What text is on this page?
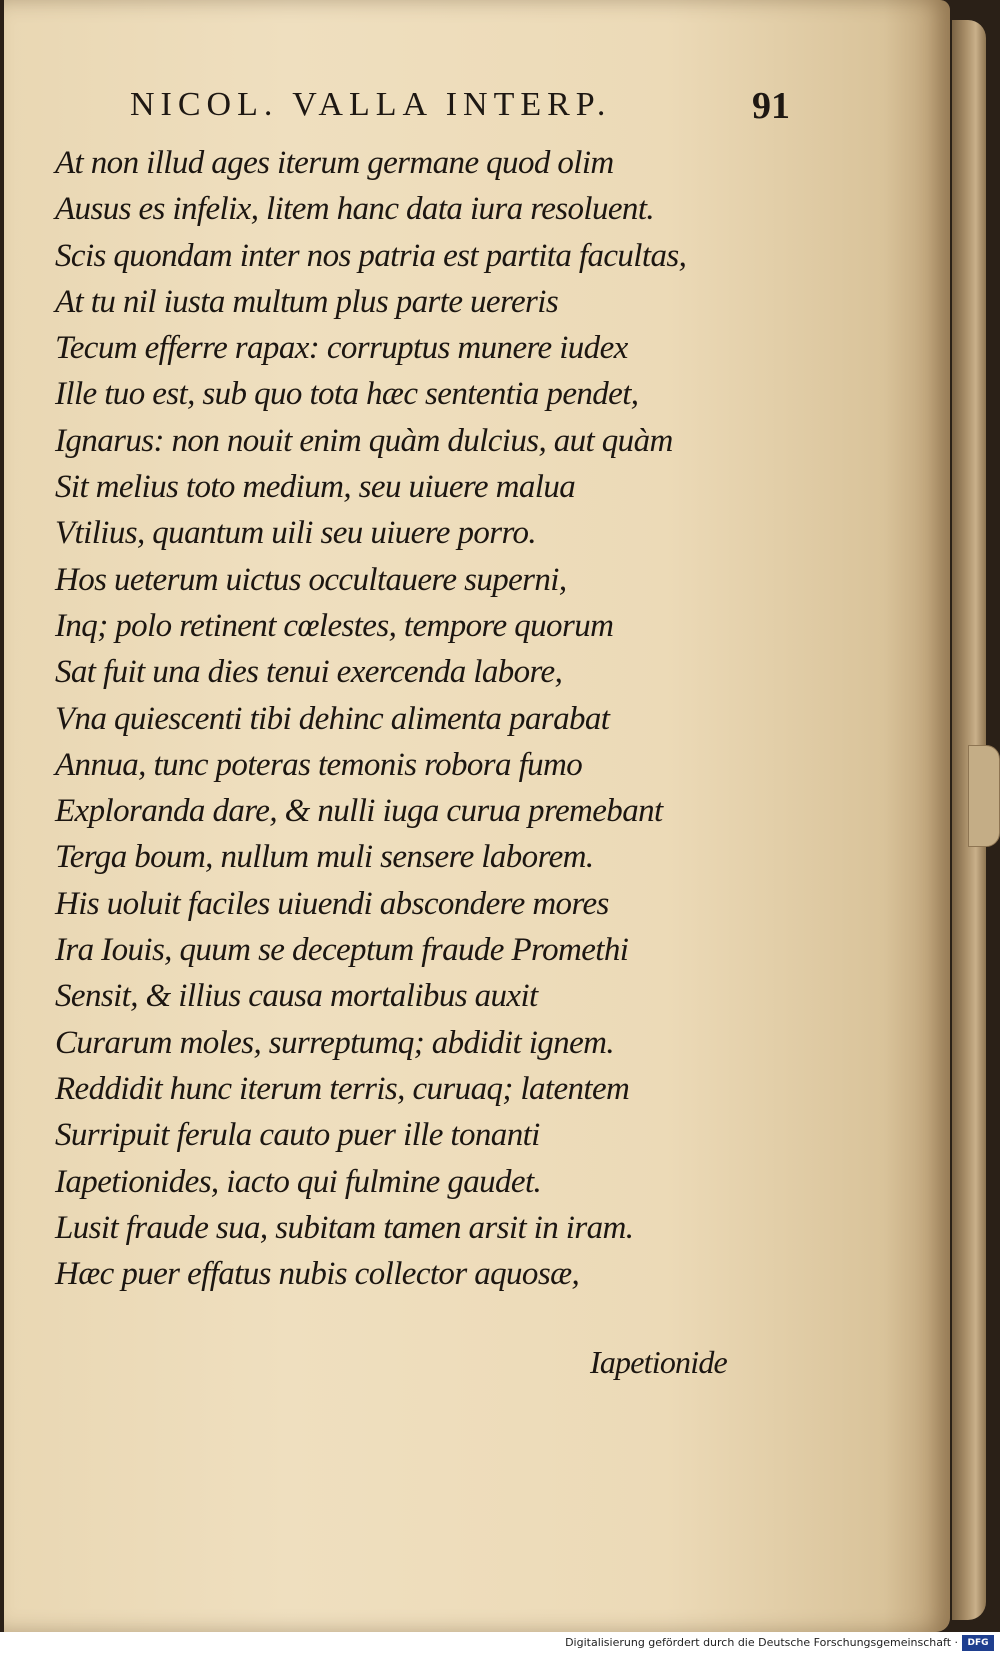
NICOL. VALLA INTERP.	91
At non illud ages iterum germane quod olim
Ausus es infelix, litem hanc data iura resoluent.
Scis quondam inter nos patria est partita facultas,
At tu nil iusta multum plus parte uereris
Tecum efferre rapax: corruptus munere iudex
Ille tuo est, sub quo tota hæc sententia pendet,
Ignarus: non nouit enim quàm dulcius, aut quàm
Sit melius toto medium, seu uiuere malua
Vtilius, quantum uili seu uiuere porro.
Hos ueterum uictus occultauere superni,
Inq; polo retinent cœlestes, tempore quorum
Sat fuit una dies tenui exercenda labore,
Vna quiescenti tibi dehinc alimenta parabat
Annua, tunc poteras temonis robora fumo
Exploranda dare, & nulli iuga curua premebant
Terga boum, nullum muli sensere laborem.
His uoluit faciles uiuendi abscondere mores
Ira Iouis, quum se deceptum fraude Promethi
Sensit, & illius causa mortalibus auxit
Curarum moles, surreptumq; abdidit ignem.
Reddidit hunc iterum terris, curuaq; latentem
Surripuit ferula cauto puer ille tonanti
Iapetionides, iacto qui fulmine gaudet.
Lusit fraude sua, subitam tamen arsit in iram.
Hæc puer effatus nubis collector aquosæ,
Iapetionide
Digitalisierung gefördert durch die Deutsche Forschungsgemeinschaft ·	DFG
